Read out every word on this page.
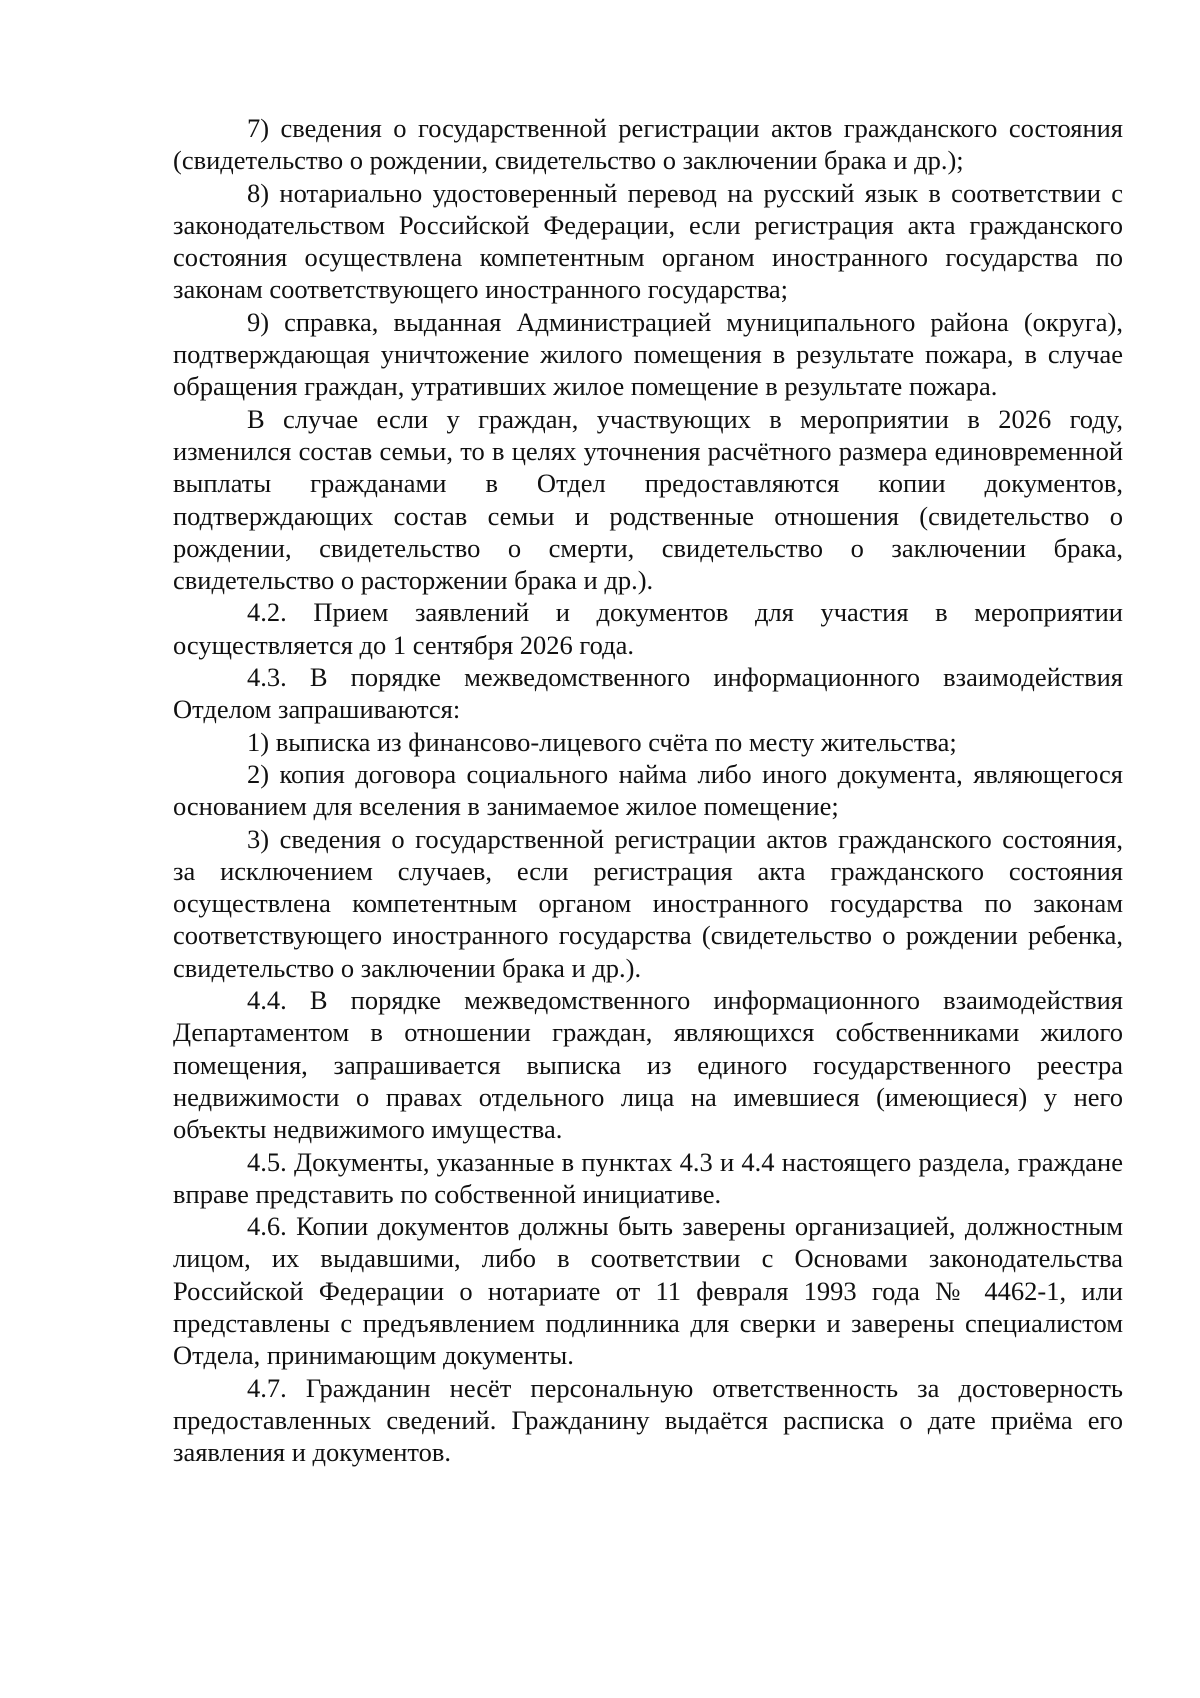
7) сведения о государственной регистрации актов гражданского состояния (свидетельство о рождении, свидетельство о заключении брака и др.);

8) нотариально удостоверенный перевод на русский язык в соответствии с законодательством Российской Федерации, если регистрация акта гражданского состояния осуществлена компетентным органом иностранного государства по законам соответствующего иностранного государства;

9) справка, выданная Администрацией муниципального района (округа), подтверждающая уничтожение жилого помещения в результате пожара, в случае обращения граждан, утративших жилое помещение в результате пожара.

В случае если у граждан, участвующих в мероприятии в 2026 году, изменился состав семьи, то в целях уточнения расчётного размера единовременной выплаты гражданами в Отдел предоставляются копии документов, подтверждающих состав семьи и родственные отношения (свидетельство о рождении, свидетельство о смерти, свидетельство о заключении брака, свидетельство о расторжении брака и др.).

4.2. Прием заявлений и документов для участия в мероприятии осуществляется до 1 сентября 2026 года.

4.3. В порядке межведомственного информационного взаимодействия Отделом запрашиваются:

1) выписка из финансово-лицевого счёта по месту жительства;

2) копия договора социального найма либо иного документа, являющегося основанием для вселения в занимаемое жилое помещение;

3) сведения о государственной регистрации актов гражданского состояния, за исключением случаев, если регистрация акта гражданского состояния осуществлена компетентным органом иностранного государства по законам соответствующего иностранного государства (свидетельство о рождении ребенка, свидетельство о заключении брака и др.).

4.4. В порядке межведомственного информационного взаимодействия Департаментом в отношении граждан, являющихся собственниками жилого помещения, запрашивается выписка из единого государственного реестра недвижимости о правах отдельного лица на имевшиеся (имеющиеся) у него объекты недвижимого имущества.

4.5. Документы, указанные в пунктах 4.3 и 4.4 настоящего раздела, граждане вправе представить по собственной инициативе.

4.6. Копии документов должны быть заверены организацией, должностным лицом, их выдавшими, либо в соответствии с Основами законодательства Российской Федерации о нотариате от 11 февраля 1993 года № 4462-1, или представлены с предъявлением подлинника для сверки и заверены специалистом Отдела, принимающим документы.

4.7. Гражданин несёт персональную ответственность за достоверность предоставленных сведений. Гражданину выдаётся расписка о дате приёма его заявления и документов.
